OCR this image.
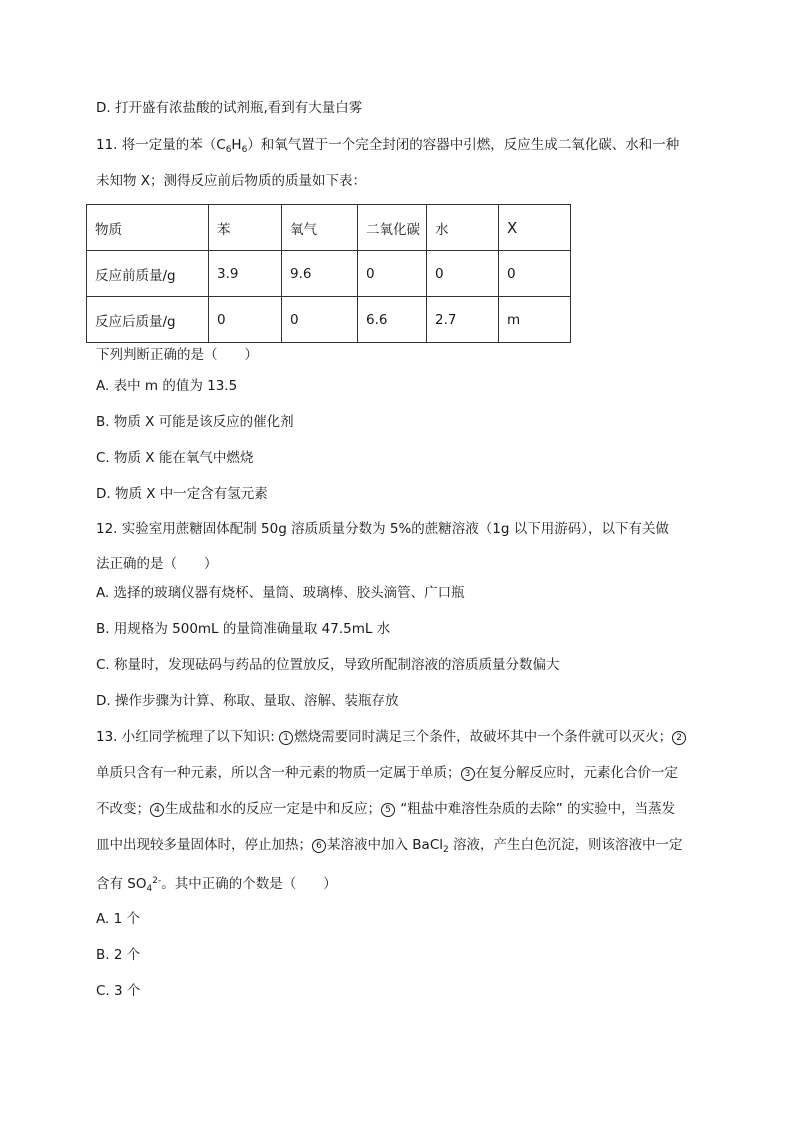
D. 打开盛有浓盐酸的试剂瓶,看到有大量白雾
11. 将一定量的苯$(C_6H_6)$和氧气置于一个完全封闭的容器中引燃，反应生成二氧化碳、水和一种
未知物 X；测得反应前后物质的质量如下表：
物质	苯	氧气	二氧化碳	水	X
反应前质量/g	3.9	9.6	0	0	0
反应后质量/g	0	0	6.6	2.7	m
下列判断正确的是（　　）
A. 表中 m 的值为 13.5
B. 物质 X 可能是该反应的催化剂
C. 物质 X 能在氧气中燃烧
D. 物质 X 中一定含有氢元素
12. 实验室用蔗糖固体配制 50g 溶质质量分数为 5%的蔗糖溶液（1g 以下用游码），以下有关做
法正确的是（　　）
A. 选择的玻璃仪器有烧杯、量筒、玻璃棒、胶头滴管、广口瓶
B. 用规格为 500mL 的量筒准确量取 47.5mL 水
C. 称量时，发现砝码与药品的位置放反，导致所配制溶液的溶质质量分数偏大
D. 操作步骤为计算、称取、量取、溶解、装瓶存放
13. 小红同学梳理了以下知识: 1 燃烧需要同时满足三个条件，故破坏其中一个条件就可以灭火； 2
单质只含有一种元素，所以含一种元素的物质一定属于单质； 3 在复分解反应时，元素化合价一定
不改变； 4 生成盐和水的反应一定是中和反应； 5 “粗盐中难溶性杂质的去除” 的实验中，当蒸发
皿中出现较多量固体时，停止加热； 6 某溶液中加入 BaCl$_2$ 溶液，产生白色沉淀，则该溶液中一定
含有 $SO_4^{2-}$。其中正确的个数是（　　）
A. 1 个
B. 2 个
C. 3 个
